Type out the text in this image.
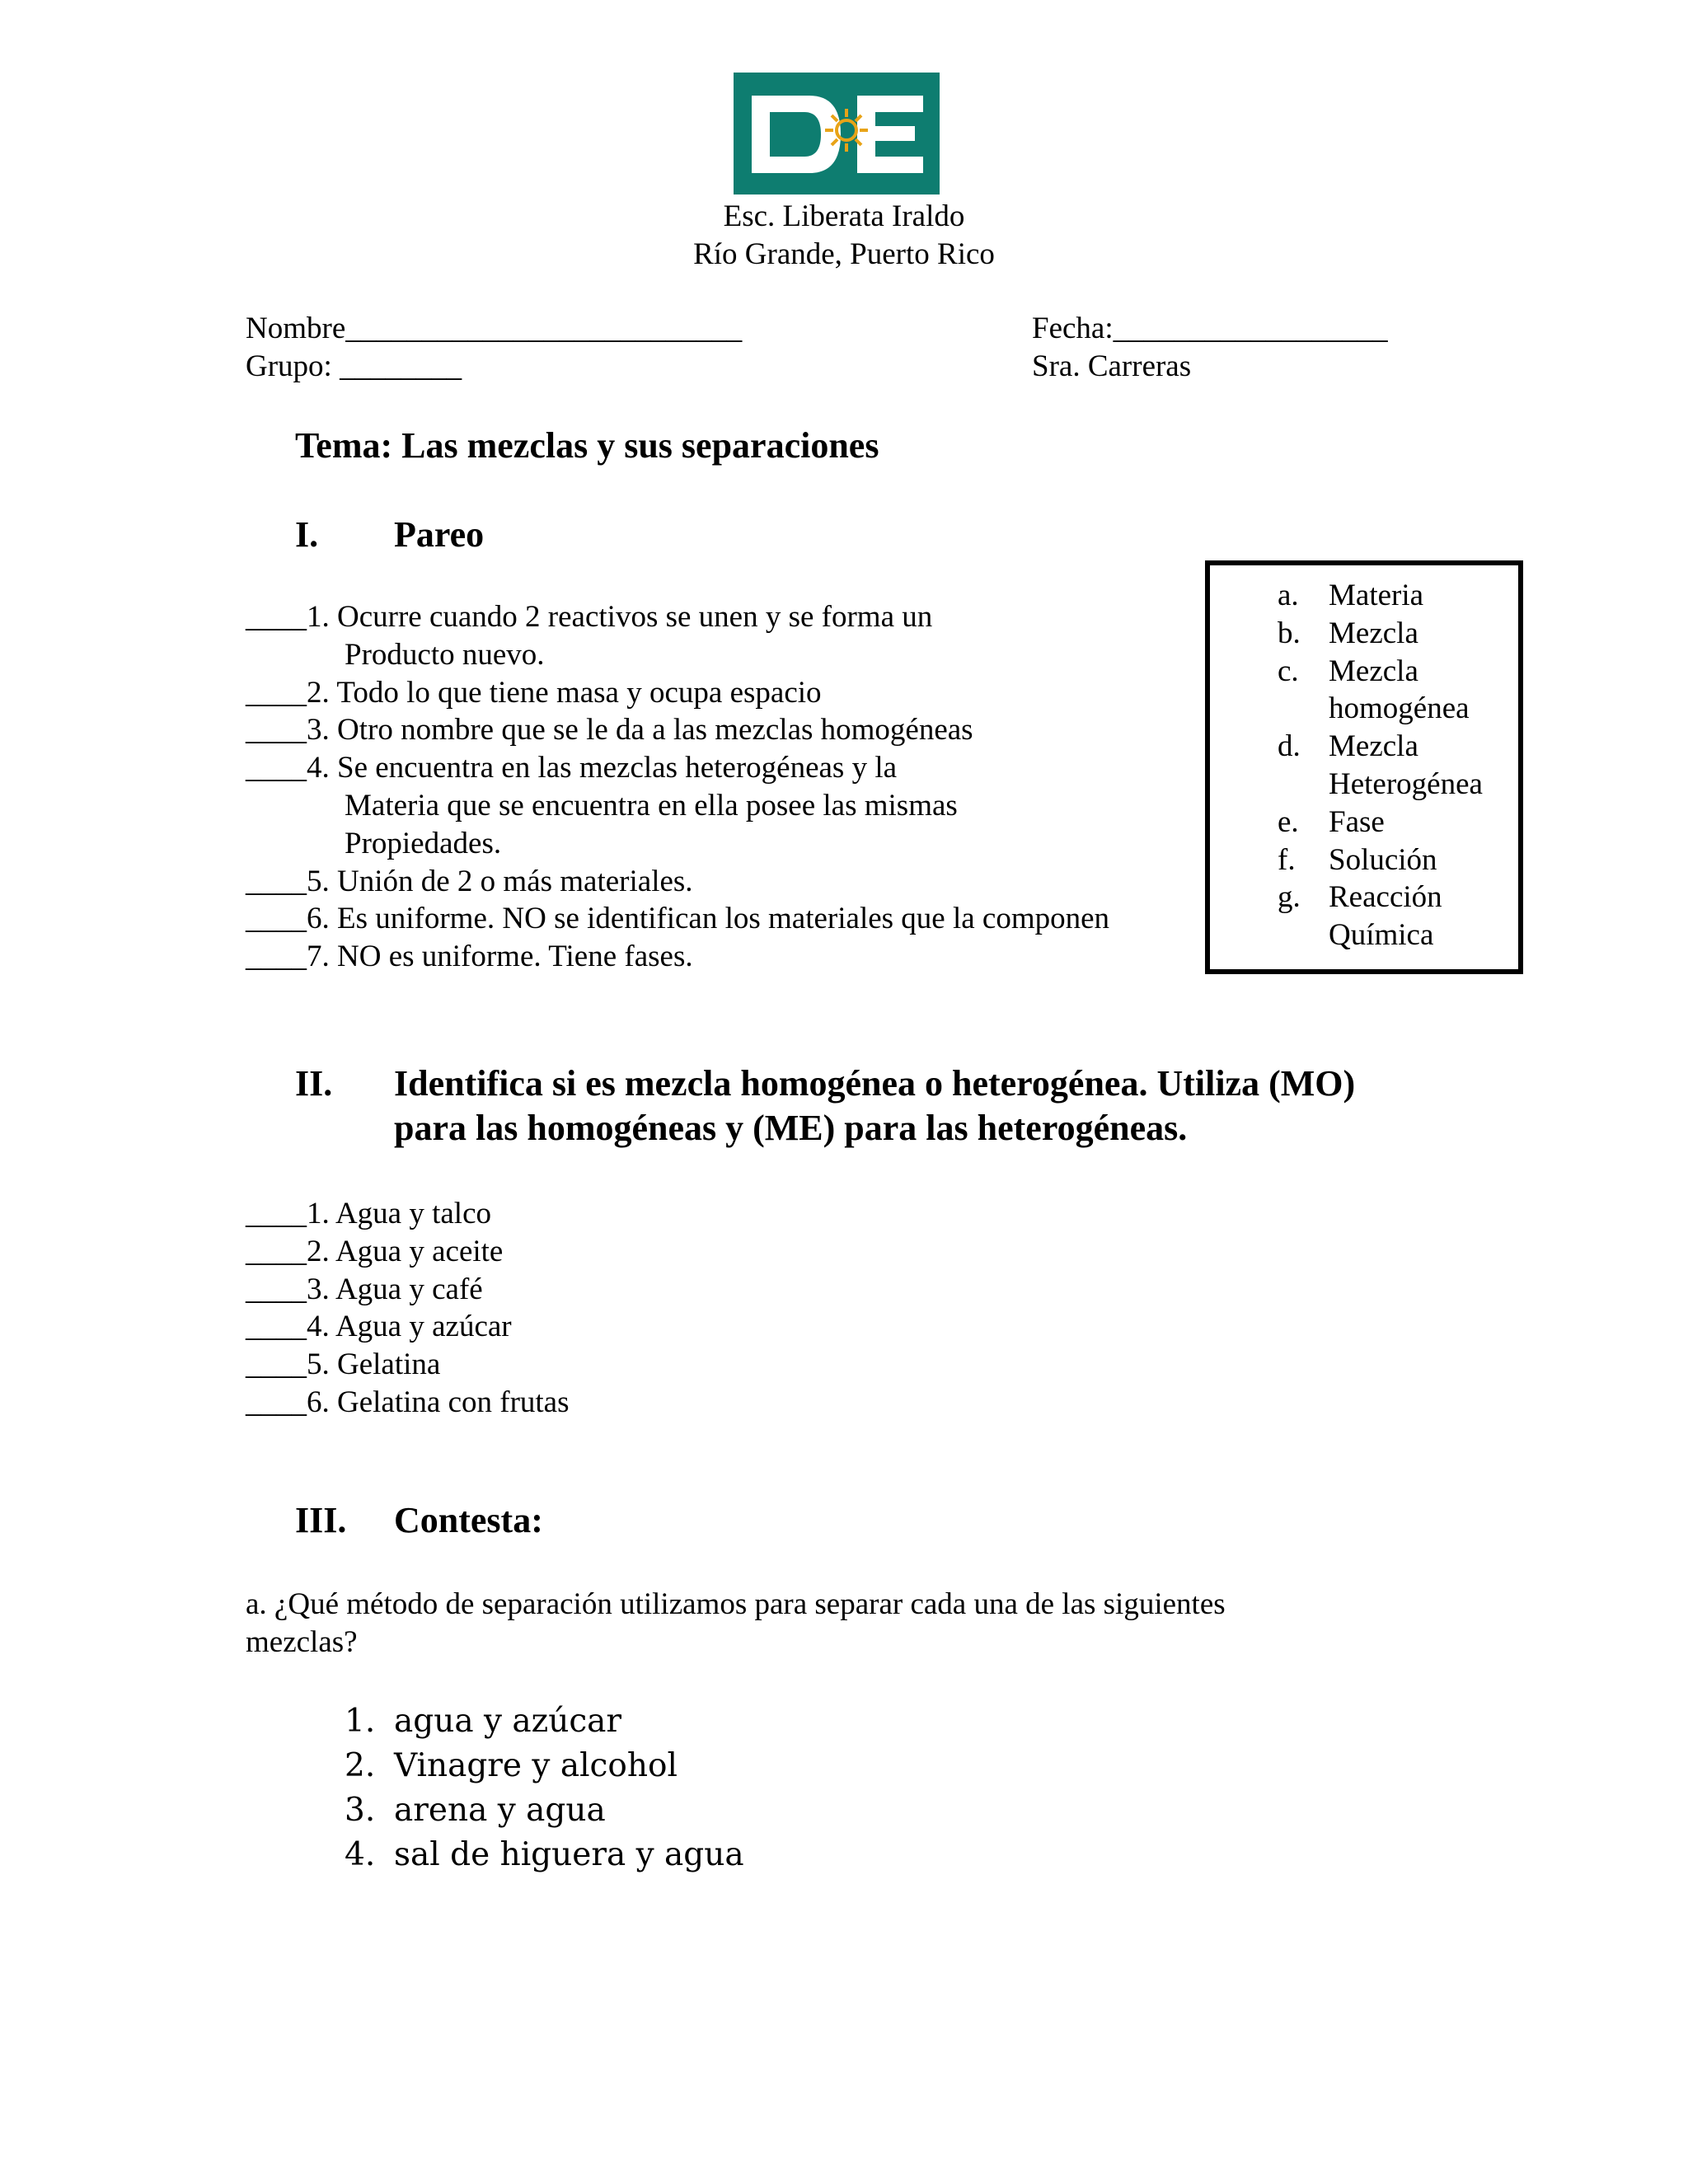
Esc. Liberata Iraldo
Río Grande, Puerto Rico
Nombre__________________________	Fecha:__________________
Grupo: ________	Sra. Carreras
Tema: Las mezclas y sus separaciones
I. Pareo
____1. Ocurre cuando 2 reactivos se unen y se forma un
Producto nuevo.
____2. Todo lo que tiene masa y ocupa espacio
____3. Otro nombre que se le da a las mezclas homogéneas
____4. Se encuentra en las mezclas heterogéneas y la
Materia que se encuentra en ella posee las mismas
Propiedades.
____5. Unión de 2 o más materiales.
____6. Es uniforme. NO se identifican los materiales que la componen
____7. NO es uniforme. Tiene fases.
a. Materia
b. Mezcla
c. Mezcla
homogénea
d. Mezcla
Heterogénea
e. Fase
f. Solución
g. Reacción
Química
II. Identifica si es mezcla homogénea o heterogénea. Utiliza (MO)
para las homogéneas y (ME) para las heterogéneas.
____1. Agua y talco
____2. Agua y aceite
____3. Agua y café
____4. Agua y azúcar
____5. Gelatina
____6. Gelatina con frutas
III. Contesta:
a. ¿Qué método de separación utilizamos para separar cada una de las siguientes
mezclas?
1. agua y azúcar
2. Vinagre y alcohol
3. arena y agua
4. sal de higuera y agua
